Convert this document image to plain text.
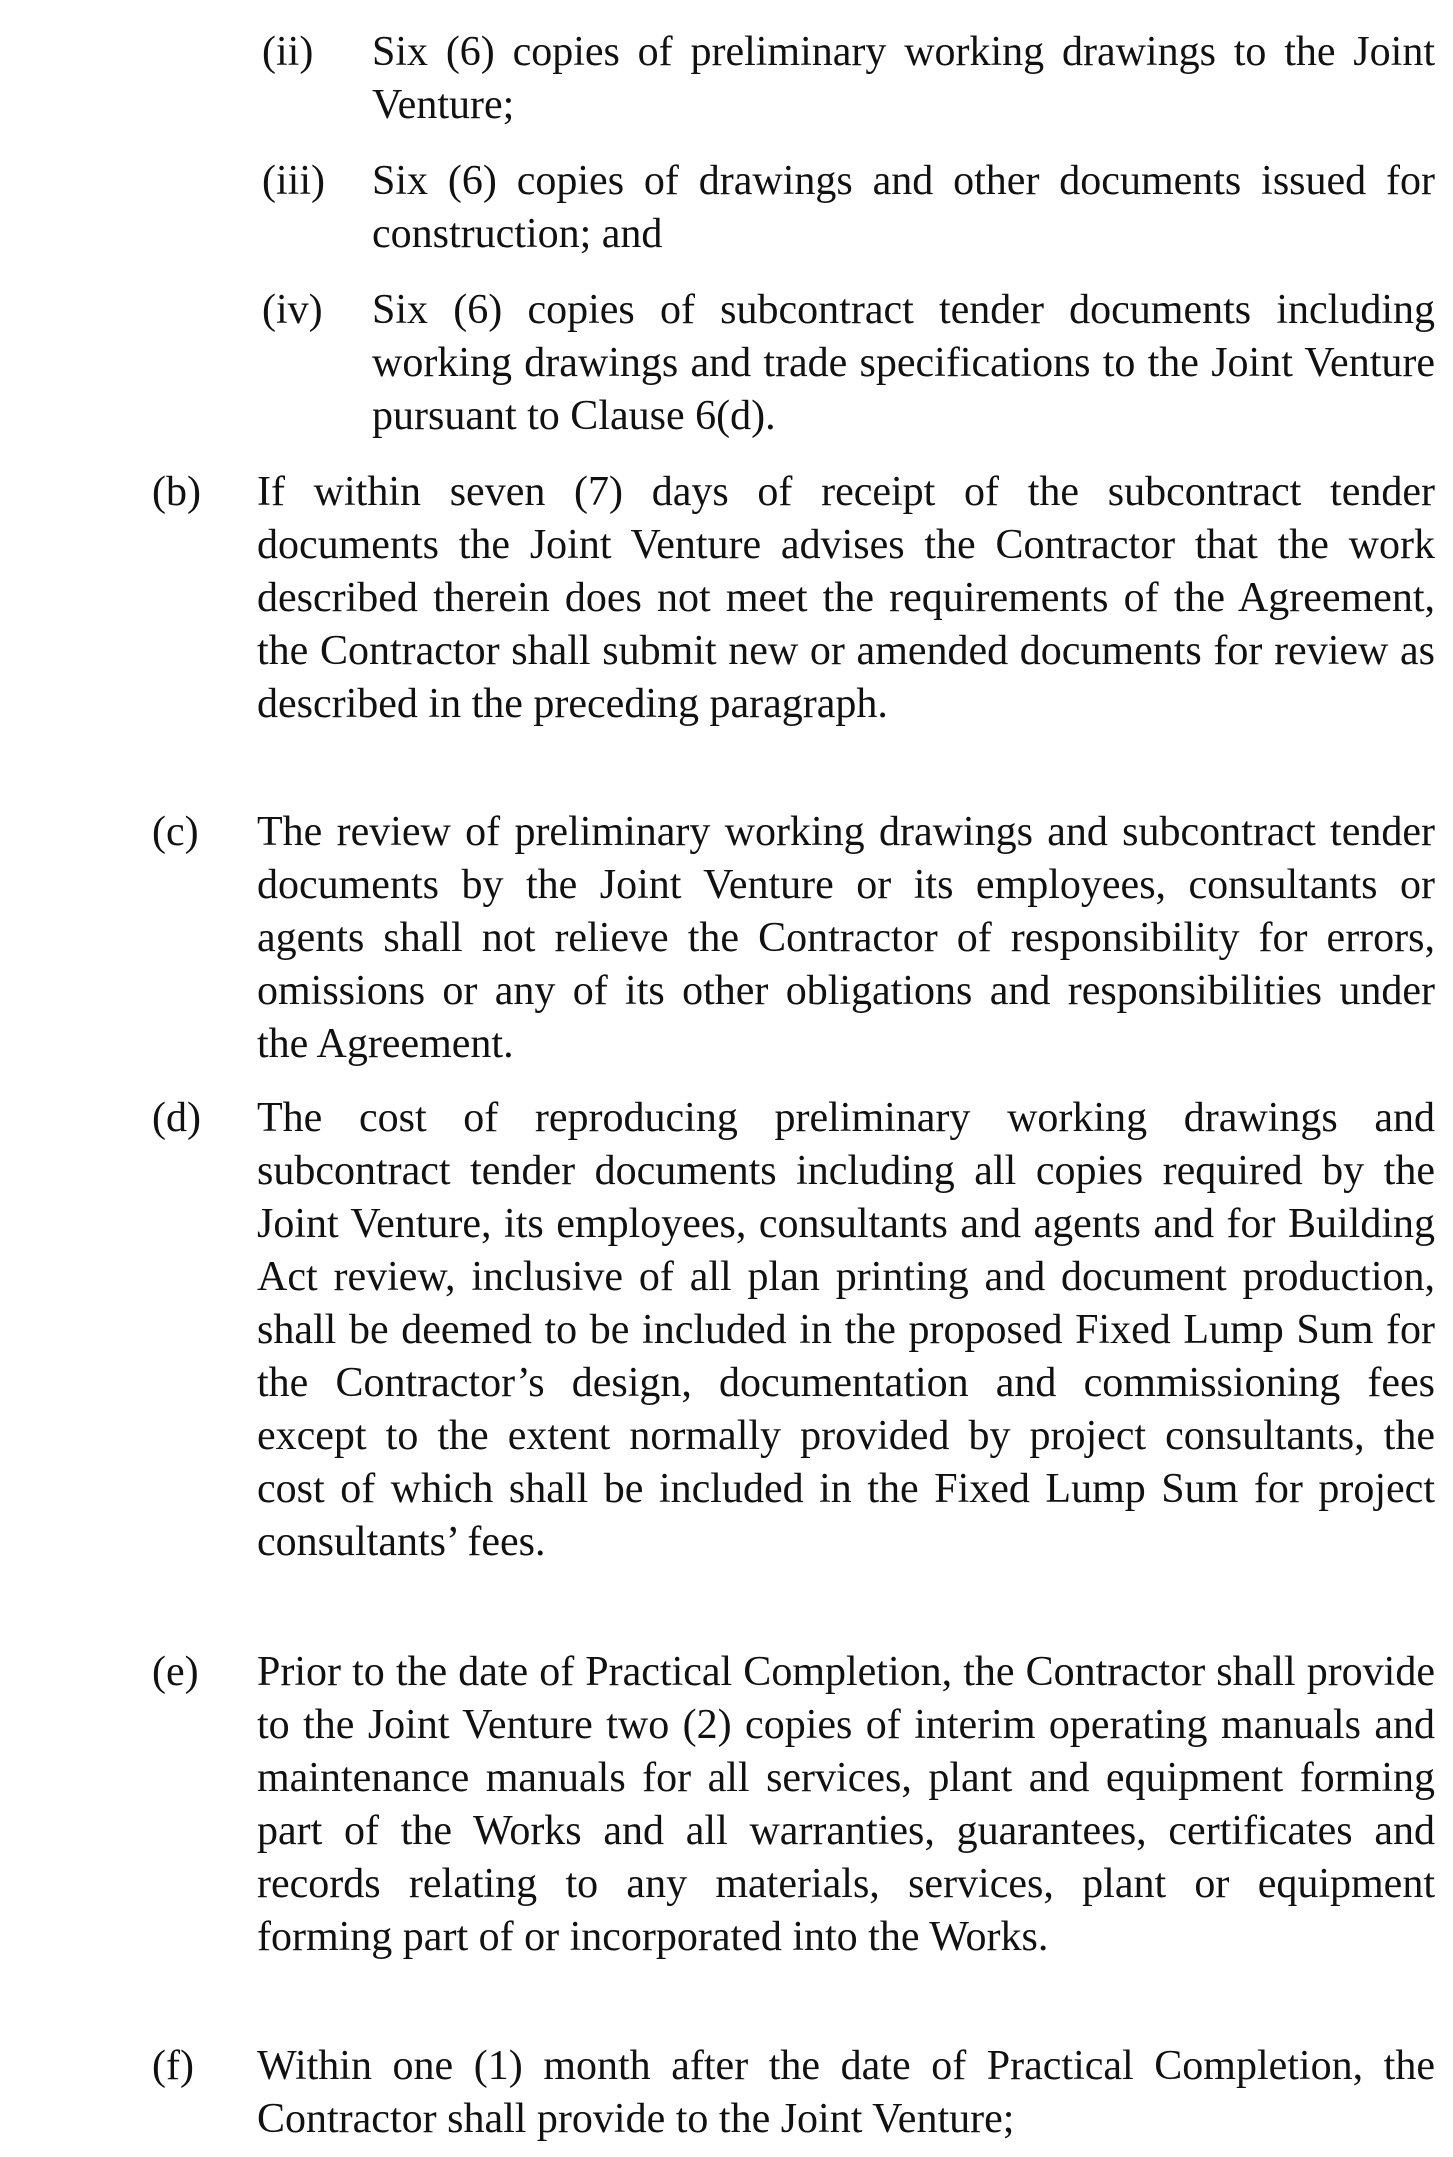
(ii) Six (6) copies of preliminary working drawings to the Joint Venture;
(iii) Six (6) copies of drawings and other documents issued for construction; and
(iv) Six (6) copies of subcontract tender documents including working drawings and trade specifications to the Joint Venture pursuant to Clause 6(d).
(b) If within seven (7) days of receipt of the subcontract tender documents the Joint Venture advises the Contractor that the work described therein does not meet the requirements of the Agreement, the Contractor shall submit new or amended documents for review as described in the preceding paragraph.
(c) The review of preliminary working drawings and subcontract tender documents by the Joint Venture or its employees, consultants or agents shall not relieve the Contractor of responsibility for errors, omissions or any of its other obligations and responsibilities under the Agreement.
(d) The cost of reproducing preliminary working drawings and subcontract tender documents including all copies required by the Joint Venture, its employees, consultants and agents and for Building Act review, inclusive of all plan printing and document production, shall be deemed to be included in the proposed Fixed Lump Sum for the Contractor’s design, documentation and commissioning fees except to the extent normally provided by project consultants, the cost of which shall be included in the Fixed Lump Sum for project consultants’ fees.
(e) Prior to the date of Practical Completion, the Contractor shall provide to the Joint Venture two (2) copies of interim operating manuals and maintenance manuals for all services, plant and equipment forming part of the Works and all warranties, guarantees, certificates and records relating to any materials, services, plant or equipment forming part of or incorporated into the Works.
(f) Within one (1) month after the date of Practical Completion, the Contractor shall provide to the Joint Venture;
